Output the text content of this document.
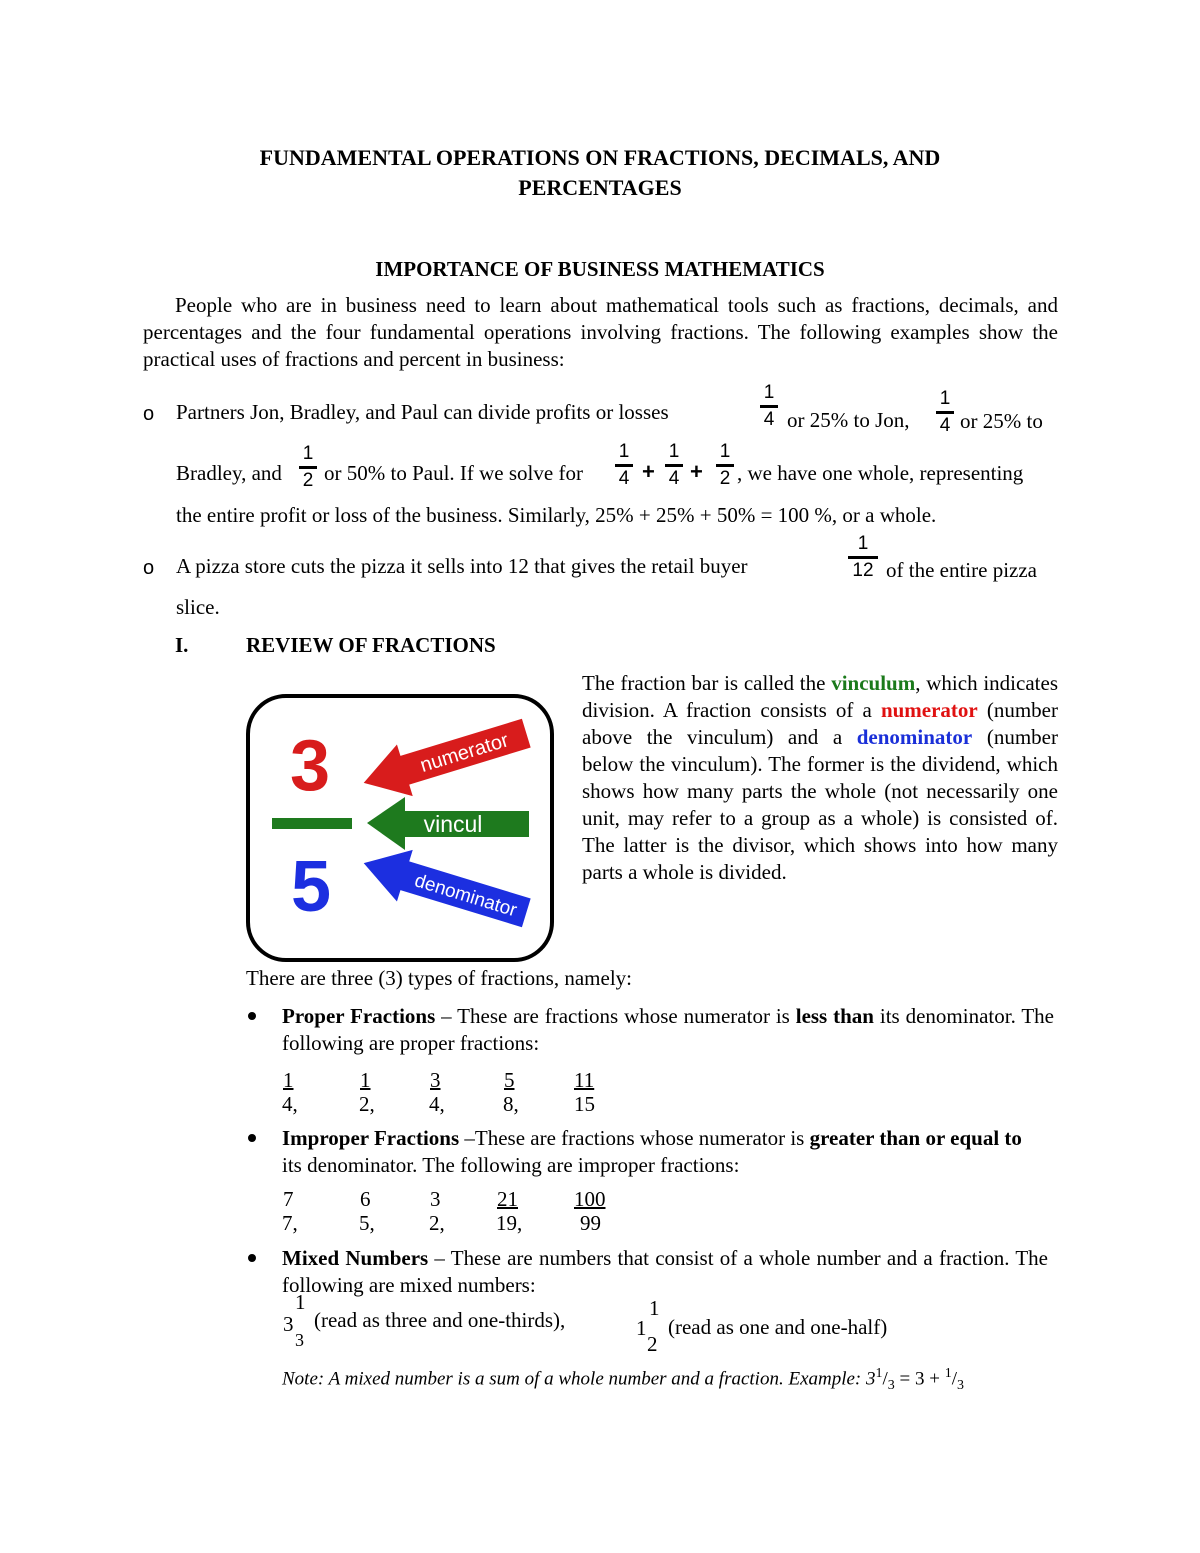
FUNDAMENTAL OPERATIONS ON FRACTIONS, DECIMALS, AND
PERCENTAGES
IMPORTANCE OF BUSINESS MATHEMATICS
People who are in business need to learn about mathematical tools such as fractions, decimals, and percentages and the four fundamental operations involving fractions. The following examples show the practical uses of fractions and percent in business:
o Partners Jon, Bradley, and Paul can divide profits or losses
1
4 or 25% to Jon,
1
4 or 25% to
Bradley, and
1
2 or 50% to Paul. If we solve for
1
4 +
1
4 +
1
2 , we have one whole, representing
the entire profit or loss of the business. Similarly, 25% + 25% + 50% = 100 %, or a whole.
o A pizza store cuts the pizza it sells into 12 that gives the retail buyer
1
12 of the entire pizza
slice.
I.	REVIEW OF FRACTIONS
3
5
numerator
vincul
denominator
The fraction bar is called the vinculum, which indicates division. A fraction consists of a numerator (number above the vinculum) and a denominator (number below the vinculum). The former is the dividend, which shows how many parts the whole (not necessarily one unit, may refer to a group as a whole) is consisted of. The latter is the divisor, which shows into how many parts a whole is divided.
There are three (3) types of fractions, namely:
Proper Fractions – These are fractions whose numerator is less than its denominator. The following are proper fractions:
1
4,
1
2,
3
4,
5
8,
11
15
Improper Fractions –These are fractions whose numerator is greater than or equal to its denominator. The following are improper fractions:
7
7,
6
5,
3
2,
21
19,
100
99
Mixed Numbers – These are numbers that consist of a whole number and a fraction. The following are mixed numbers:
1
3
3
(read as three and one-thirds),	1
1
2
(read as one and one-half)
Note: A mixed number is a sum of a whole number and a fraction. Example: $3^1/_3 = 3 + ^1/_3$
